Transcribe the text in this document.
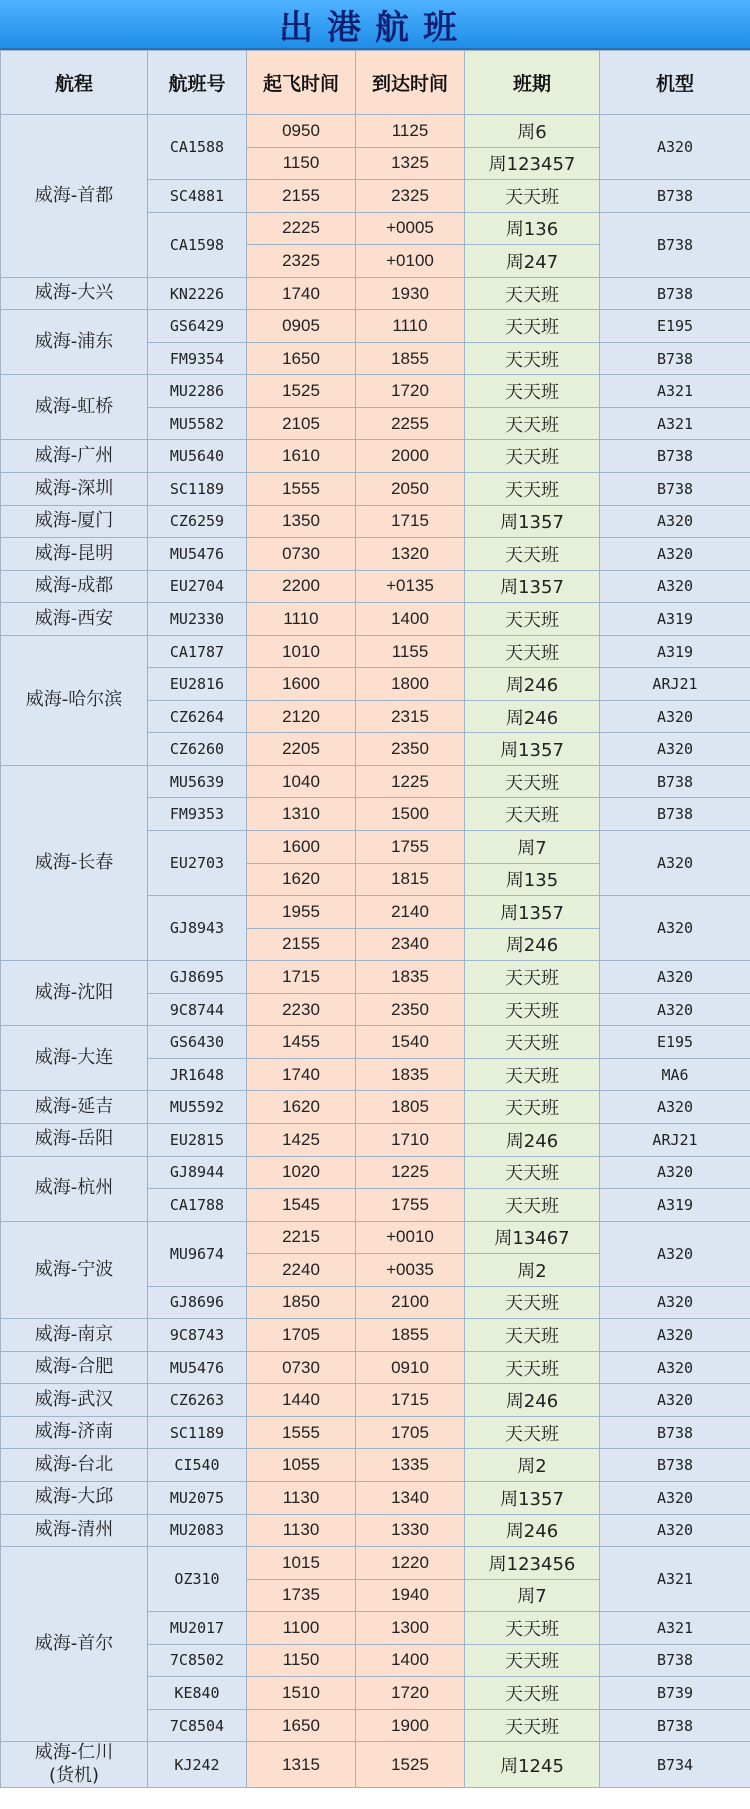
出港航班
航程	航班号	起飞时间	到达时间	班期	机型
威海-首都	CA1588	0950	1125	周6	A320
		1150	1325	周123457	
	SC4881	2155	2325	天天班	B738
	CA1598	2225	+0005	周136	B738
		2325	+0100	周247	
威海-大兴	KN2226	1740	1930	天天班	B738
威海-浦东	GS6429	0905	1110	天天班	E195
	FM9354	1650	1855	天天班	B738
威海-虹桥	MU2286	1525	1720	天天班	A321
	MU5582	2105	2255	天天班	A321
威海-广州	MU5640	1610	2000	天天班	B738
威海-深圳	SC1189	1555	2050	天天班	B738
威海-厦门	CZ6259	1350	1715	周1357	A320
威海-昆明	MU5476	0730	1320	天天班	A320
威海-成都	EU2704	2200	+0135	周1357	A320
威海-西安	MU2330	1110	1400	天天班	A319
威海-哈尔滨	CA1787	1010	1155	天天班	A319
	EU2816	1600	1800	周246	ARJ21
	CZ6264	2120	2315	周246	A320
	CZ6260	2205	2350	周1357	A320
威海-长春	MU5639	1040	1225	天天班	B738
	FM9353	1310	1500	天天班	B738
	EU2703	1600	1755	周7	A320
		1620	1815	周135	
	GJ8943	1955	2140	周1357	A320
		2155	2340	周246	
威海-沈阳	GJ8695	1715	1835	天天班	A320
	9C8744	2230	2350	天天班	A320
威海-大连	GS6430	1455	1540	天天班	E195
	JR1648	1740	1835	天天班	MA6
威海-延吉	MU5592	1620	1805	天天班	A320
威海-岳阳	EU2815	1425	1710	周246	ARJ21
威海-杭州	GJ8944	1020	1225	天天班	A320
	CA1788	1545	1755	天天班	A319
威海-宁波	MU9674	2215	+0010	周13467	A320
		2240	+0035	周2	
	GJ8696	1850	2100	天天班	A320
威海-南京	9C8743	1705	1855	天天班	A320
威海-合肥	MU5476	0730	0910	天天班	A320
威海-武汉	CZ6263	1440	1715	周246	A320
威海-济南	SC1189	1555	1705	天天班	B738
威海-台北	CI540	1055	1335	周2	B738
威海-大邱	MU2075	1130	1340	周1357	A320
威海-清州	MU2083	1130	1330	周246	A320
威海-首尔	OZ310	1015	1220	周123456	A321
		1735	1940	周7	
	MU2017	1100	1300	天天班	A321
	7C8502	1150	1400	天天班	B738
	KE840	1510	1720	天天班	B739
	7C8504	1650	1900	天天班	B738
威海-仁川
(货机)	KJ242	1315	1525	周1245	B734
